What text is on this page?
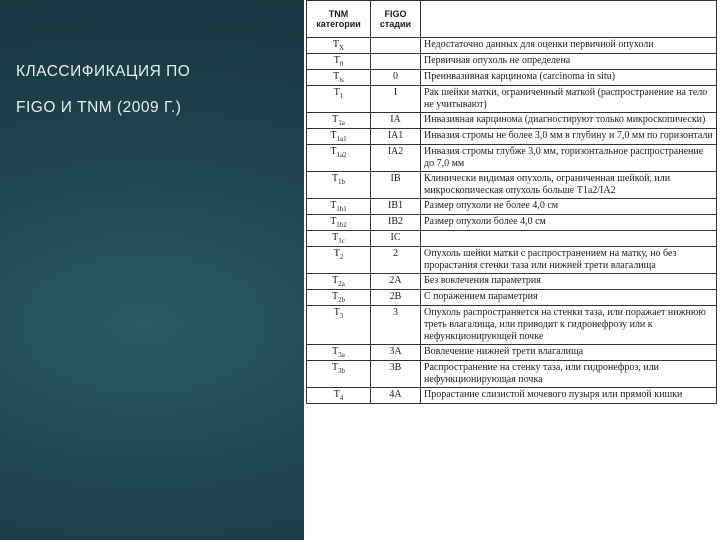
КЛАССИФИКАЦИЯ ПО
FIGO И TNM (2009 Г.)
TNM категории	FIGO стадии	
$T_X$		Недостаточно данных для оценки первичной опухоли
$T_0$		Первичная опухоль не определена
$T_{is}$	0	Преинвазивная карцинома (carcinoma in situ)
$T_1$	I	Рак шейки матки, ограниченный маткой (распространение на тело не учитывают)
$T_{1a}$	IA	Инвазивная карцинома (диагностируют только микроскопически)
$T_{1a1}$	IA1	Инвазия стромы не более 3,0 мм в глубину и 7,0 мм по горизонтали
$T_{1a2}$	IA2	Инвазия стромы глубже 3,0 мм, горизонтальное распространение до 7,0 мм
$T_{1b}$	IB	Клинически видимая опухоль, ограниченная шейкой, или микроскопическая опухоль больше T1a2/IA2
$T_{1b1}$	IB1	Размер опухоли не более 4,0 см
$T_{1b2}$	IB2	Размер опухоли более 4,0 см
$T_{1c}$	IC	
$T_2$	2	Опухоль шейки матки с распространением на матку, но без прорастания стенки таза или нижней трети влагалища
$T_{2a}$	2A	Без вовлечения параметрия
$T_{2b}$	2B	С поражением параметрия
$T_3$	3	Опухоль распространяется на стенки таза, или поражает нижнюю треть влагалища, или приводит к гидронефрозу или к нефункционирующей почке
$T_{3a}$	3A	Вовлечение нижней трети влагалища
$T_{3b}$	3B	Распространение на стенку таза, или гидронефроз, или нефункционирующая почка
$T_4$	4A	Прорастание слизистой мочевого пузыря или прямой кишки
